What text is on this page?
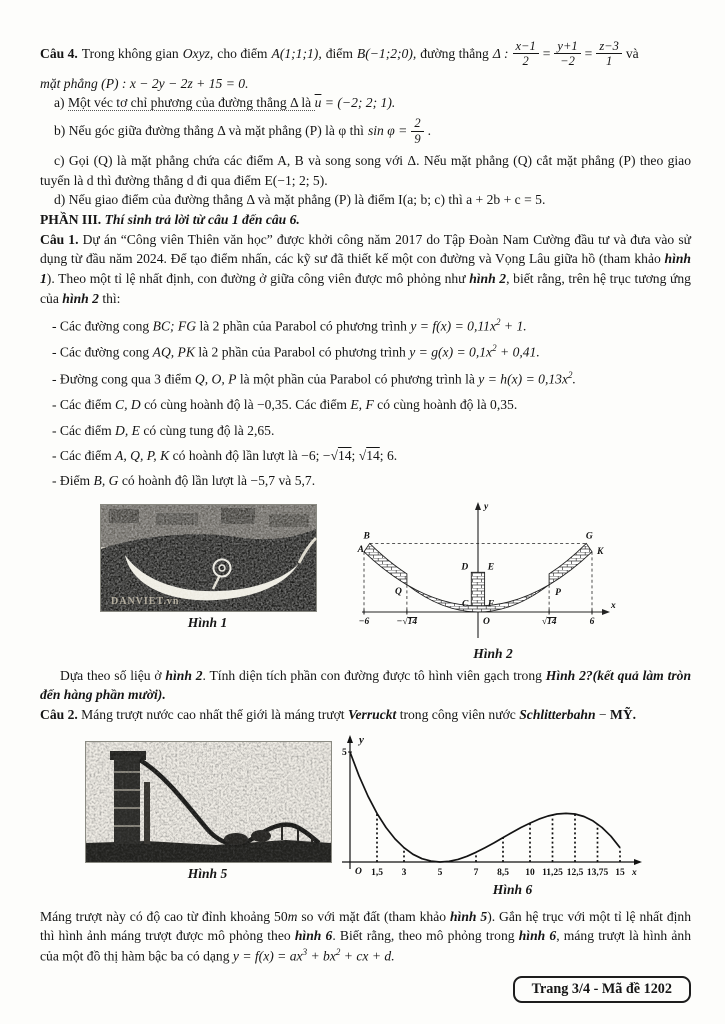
Câu 4. Trong không gian Oxyz, cho điểm A(1;1;1), điểm B(−1;2;0), đường thẳng Δ : $\frac{x-1}{2} = \frac{y+1}{-2} = \frac{z-3}{1}$ và
mặt phẳng (P) : x − 2y − 2z + 15 = 0.
a) Một véc tơ chỉ phương của đường thẳng Δ là $\overline{u} = (-2$; 2; 1).
b) Nếu góc giữa đường thẳng Δ và mặt phẳng (P) là φ thì $\sin \varphi = \frac{2}{9}$ .
c) Gọi (Q) là mặt phẳng chứa các điểm A, B và song song với Δ. Nếu mặt phẳng (Q) cắt mặt phẳng (P) theo giao tuyến là d thì đường thẳng d đi qua điểm E(−1; 2; 5).
d) Nếu giao điểm của đường thẳng Δ và mặt phẳng (P) là điểm I(a; b; c) thì a + 2b + c = 5.
PHẦN III. Thí sinh trả lời từ câu 1 đến câu 6.
Câu 1. Dự án “Công viên Thiên văn học” được khởi công năm 2017 do Tập Đoàn Nam Cường đầu tư và đưa vào sử dụng từ đầu năm 2024. Để tạo điểm nhấn, các kỹ sư đã thiết kế một con đường và Vọng Lâu giữa hồ (tham khảo hình 1). Theo một tỉ lệ nhất định, con đường ở giữa công viên được mô phỏng như hình 2, biết rằng, trên hệ trục tương ứng của hình 2 thì:
- Các đường cong BC; FG là 2 phần của Parabol có phương trình $y = f(x) = 0,11x^2 + 1$.
- Các đường cong AQ, PK là 2 phần của Parabol có phương trình $y = g(x) = 0,1x^2 + 0,41$.
- Đường cong qua 3 điểm Q, O, P là một phần của Parabol có phương trình là $y = h(x) = 0,13x^2$.
- Các điểm C, D có cùng hoành độ là −0,35. Các điểm E, F có cùng hoành độ là 0,35.
- Các điểm D, E có cùng tung độ là 2,65.
- Các điểm A, Q, P, K có hoành độ lần lượt là −6; −√14; √14; 6.
- Điểm B, G có hoành độ lần lượt là −5,7 và 5,7.
DANVIET.vn
Hình 1	−6	−√14	√14	6
A
B	G
K
Q	P
C
D E
F
O
x
y
Hình 2
Dựa theo số liệu ở hình 2. Tính diện tích phần con đường được tô hình viên gạch trong Hình 2?(kết quả làm tròn đến hàng phần mười).
Câu 2. Máng trượt nước cao nhất thế giới là máng trượt Verruckt trong công viên nước Schlitterbahn − MỸ.
Hình 5	1,5 3	5	7 8,5 10 11,25 12,5 13,75 15
O
5
x
y
Hình 6
Máng trượt này có độ cao từ đỉnh khoảng 50m so với mặt đất (tham khảo hình 5). Gắn hệ trục với một tỉ lệ nhất định thì hình ảnh máng trượt được mô phỏng theo hình 6. Biết rằng, theo mô phỏng trong hình 6, máng trượt là hình ảnh của một đồ thị hàm bậc ba có dạng $y = f(x) = ax^3 + bx^2$ + cx + d.
Trang 3/4 - Mã đề 1202
